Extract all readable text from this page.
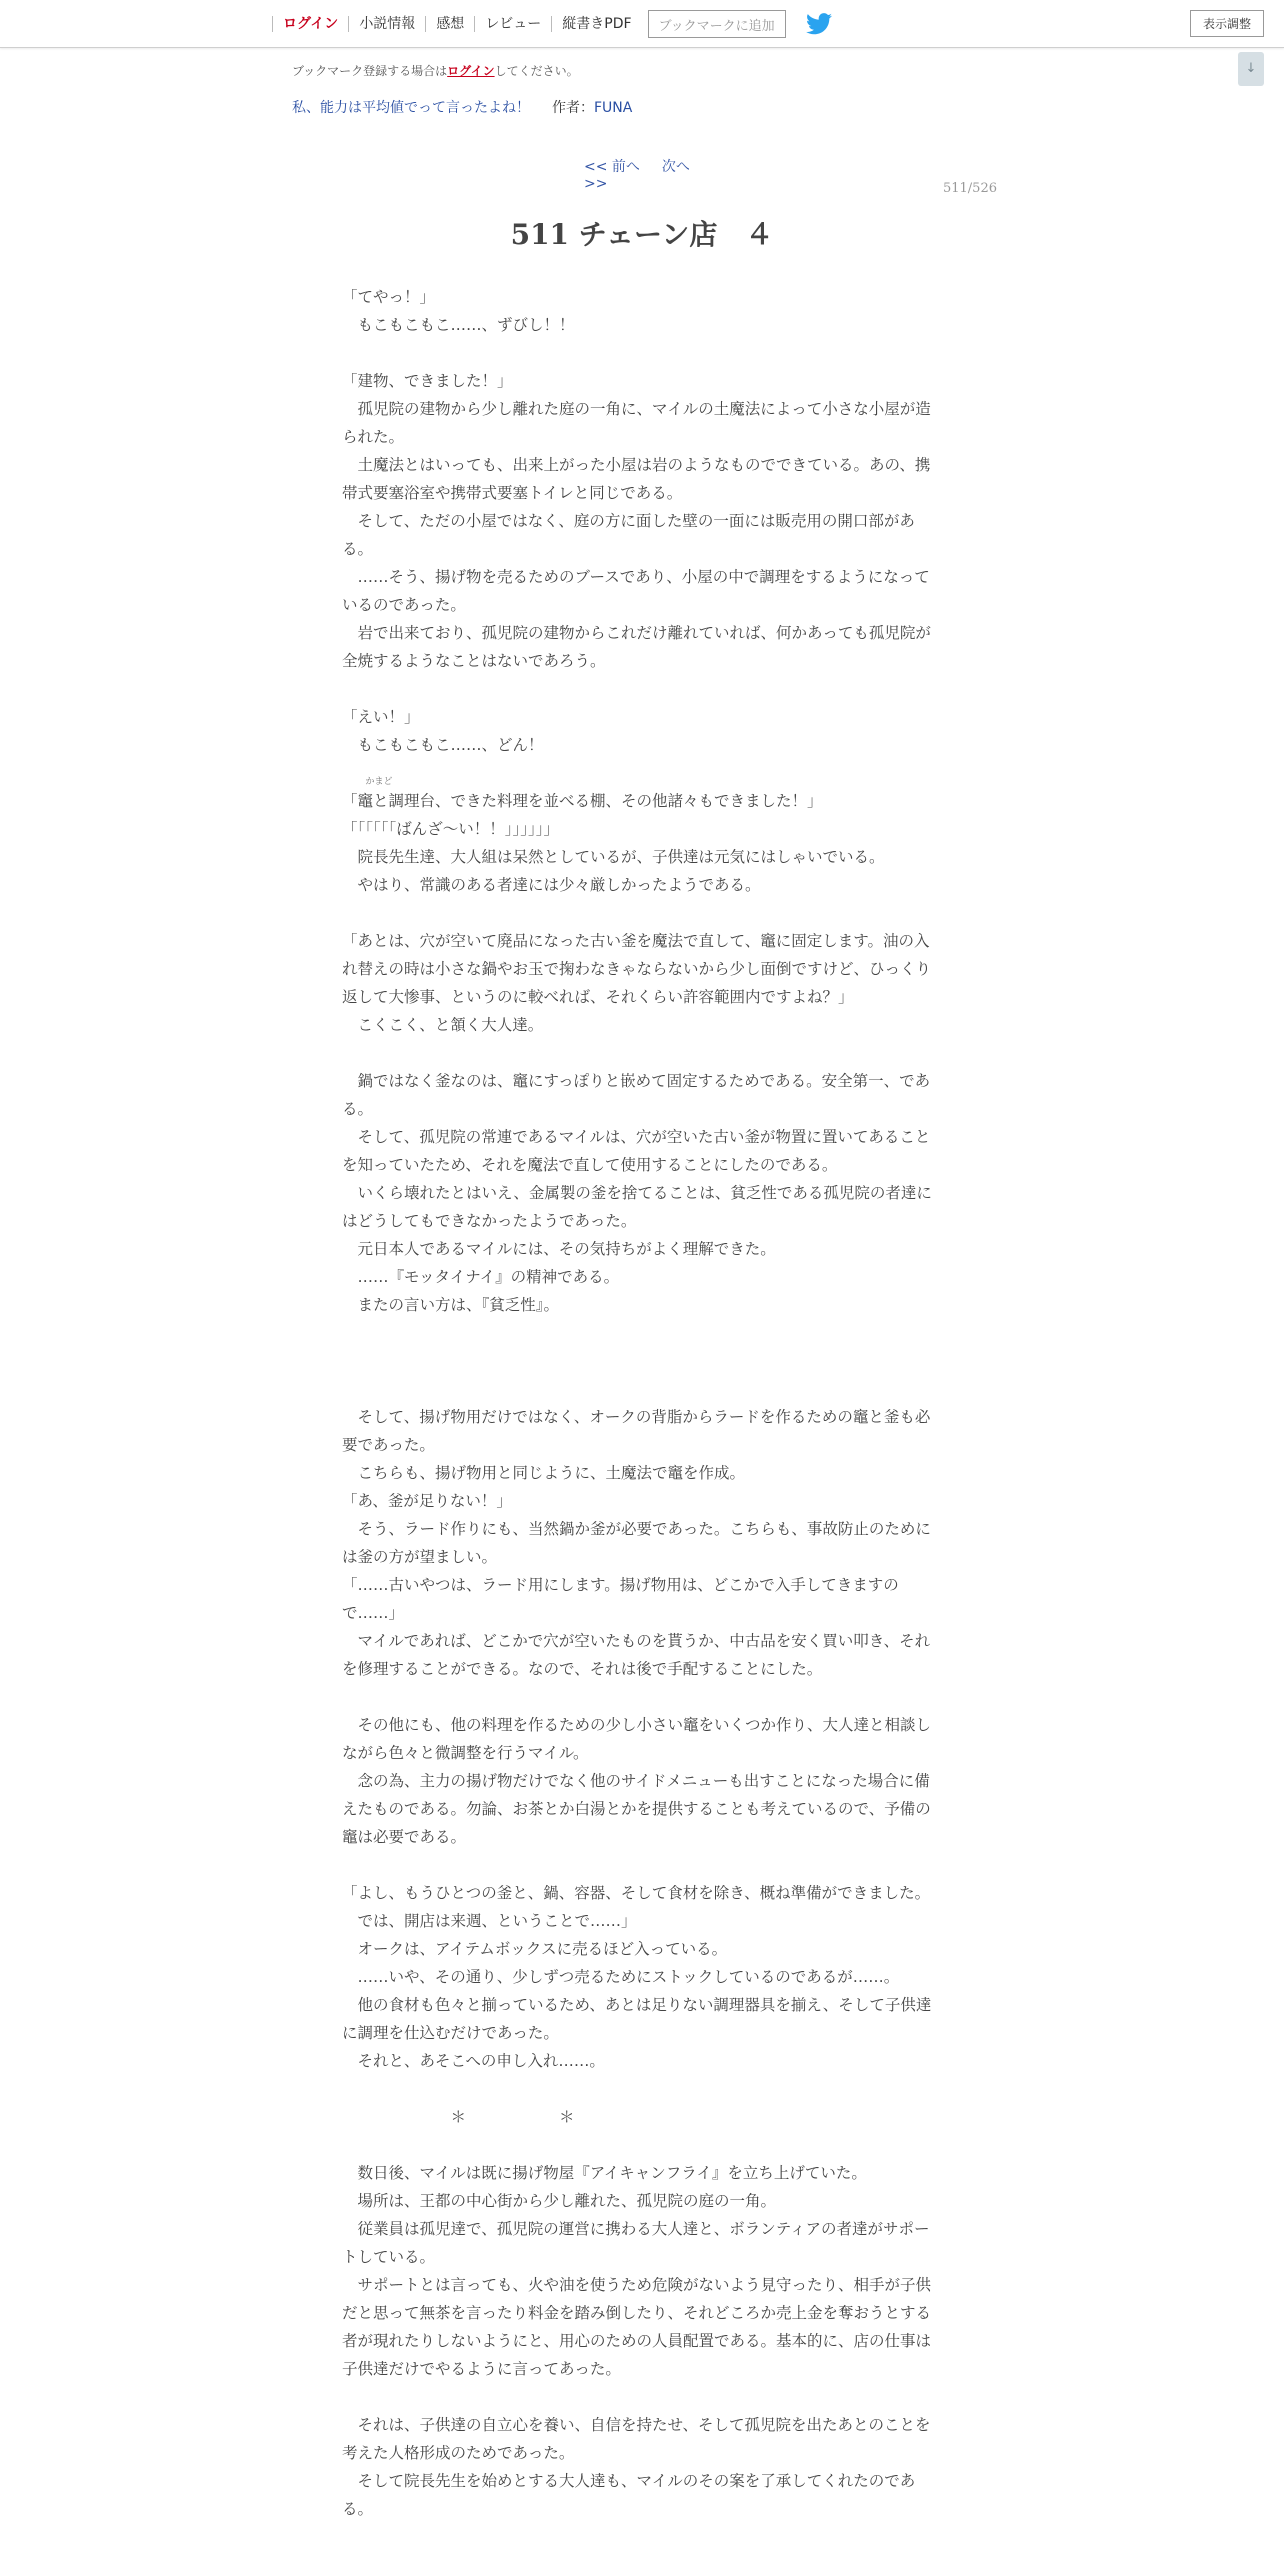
ログイン	小説情報	感想	レビュー	縦書きPDF	ブックマークに追加	表示調整
↓
ブックマーク登録する場合はログインしてください。
私、能力は平均値でって言ったよね！ 作者：FUNA
<< 前へ 次へ >>	511/526
511 チェーン店　４

「てやっ！」

　もこもこもこ……、ずびし！！

「建物、できました！」

　孤児院の建物から少し離れた庭の一角に、マイルの土魔法によって小さな小屋が造られた。

　土魔法とはいっても、出来上がった小屋は岩のようなものでできている。あの、携帯式要塞浴室や携帯式要塞トイレと同じである。

　そして、ただの小屋ではなく、庭の方に面した壁の一面には販売用の開口部がある。

　……そう、揚げ物を売るためのブースであり、小屋の中で調理をするようになっているのであった。

　岩で出来ており、孤児院の建物からこれだけ離れていれば、何かあっても孤児院が全焼するようなことはないであろう。

「えい！」

　もこもこもこ……、どん！

「
かまど
竈と調理台、できた料理を並べる棚、その他諸々もできました！」

「「「「「「ばんざ～い！！」」」」」」

　院長先生達、大人組は呆然としているが、子供達は元気にはしゃいでいる。

　やはり、常識のある者達には少々厳しかったようである。

「あとは、穴が空いて廃品になった古い釜を魔法で直して、竈に固定します。油の入れ替えの時は小さな鍋やお玉で掬わなきゃならないから少し面倒ですけど、ひっくり返して大惨事、というのに較べれば、それくらい許容範囲内ですよね？」

　こくこく、と頷く大人達。

　鍋ではなく釜なのは、竈にすっぽりと嵌めて固定するためである。安全第一、である。

　そして、孤児院の常連であるマイルは、穴が空いた古い釜が物置に置いてあることを知っていたため、それを魔法で直して使用することにしたのである。

　いくら壊れたとはいえ、金属製の釜を捨てることは、貧乏性である孤児院の者達にはどうしてもできなかったようであった。

　元日本人であるマイルには、その気持ちがよく理解できた。

　……『モッタイナイ』の精神である。

　またの言い方は、『貧乏性』。

　そして、揚げ物用だけではなく、オークの背脂からラードを作るための竈と釜も必要であった。

　こちらも、揚げ物用と同じように、土魔法で竈を作成。

「あ、釜が足りない！」

　そう、ラード作りにも、当然鍋か釜が必要であった。こちらも、事故防止のためには釜の方が望ましい。

「……古いやつは、ラード用にします。揚げ物用は、どこかで入手してきますので……」

　マイルであれば、どこかで穴が空いたものを貰うか、中古品を安く買い叩き、それを修理することができる。なので、それは後で手配することにした。

　その他にも、他の料理を作るための少し小さい竈をいくつか作り、大人達と相談しながら色々と微調整を行うマイル。

　念の為、主力の揚げ物だけでなく他のサイドメニューも出すことになった場合に備えたものである。勿論、お茶とか白湯とかを提供することも考えているので、予備の竈は必要である。

「よし、もうひとつの釜と、鍋、容器、そして食材を除き、概ね準備ができました。

　では、開店は来週、ということで……」

　オークは、アイテムボックスに売るほど入っている。

　……いや、その通り、少しずつ売るためにストックしているのであるが……。

　他の食材も色々と揃っているため、あとは足りない調理器具を揃え、そして子供達に調理を仕込むだけであった。

　それと、あそこへの申し入れ……。

　　　　　　　＊　　　　　　＊

　数日後、マイルは既に揚げ物屋『アイキャンフライ』を立ち上げていた。

　場所は、王都の中心街から少し離れた、孤児院の庭の一角。

　従業員は孤児達で、孤児院の運営に携わる大人達と、ボランティアの者達がサポートしている。

　サポートとは言っても、火や油を使うため危険がないよう見守ったり、相手が子供だと思って無茶を言ったり料金を踏み倒したり、それどころか売上金を奪おうとする者が現れたりしないようにと、用心のための人員配置である。基本的に、店の仕事は子供達だけでやるように言ってあった。

　それは、子供達の自立心を養い、自信を持たせ、そして孤児院を出たあとのことを考えた人格形成のためであった。

　そして院長先生を始めとする大人達も、マイルのその案を了承してくれたのである。
